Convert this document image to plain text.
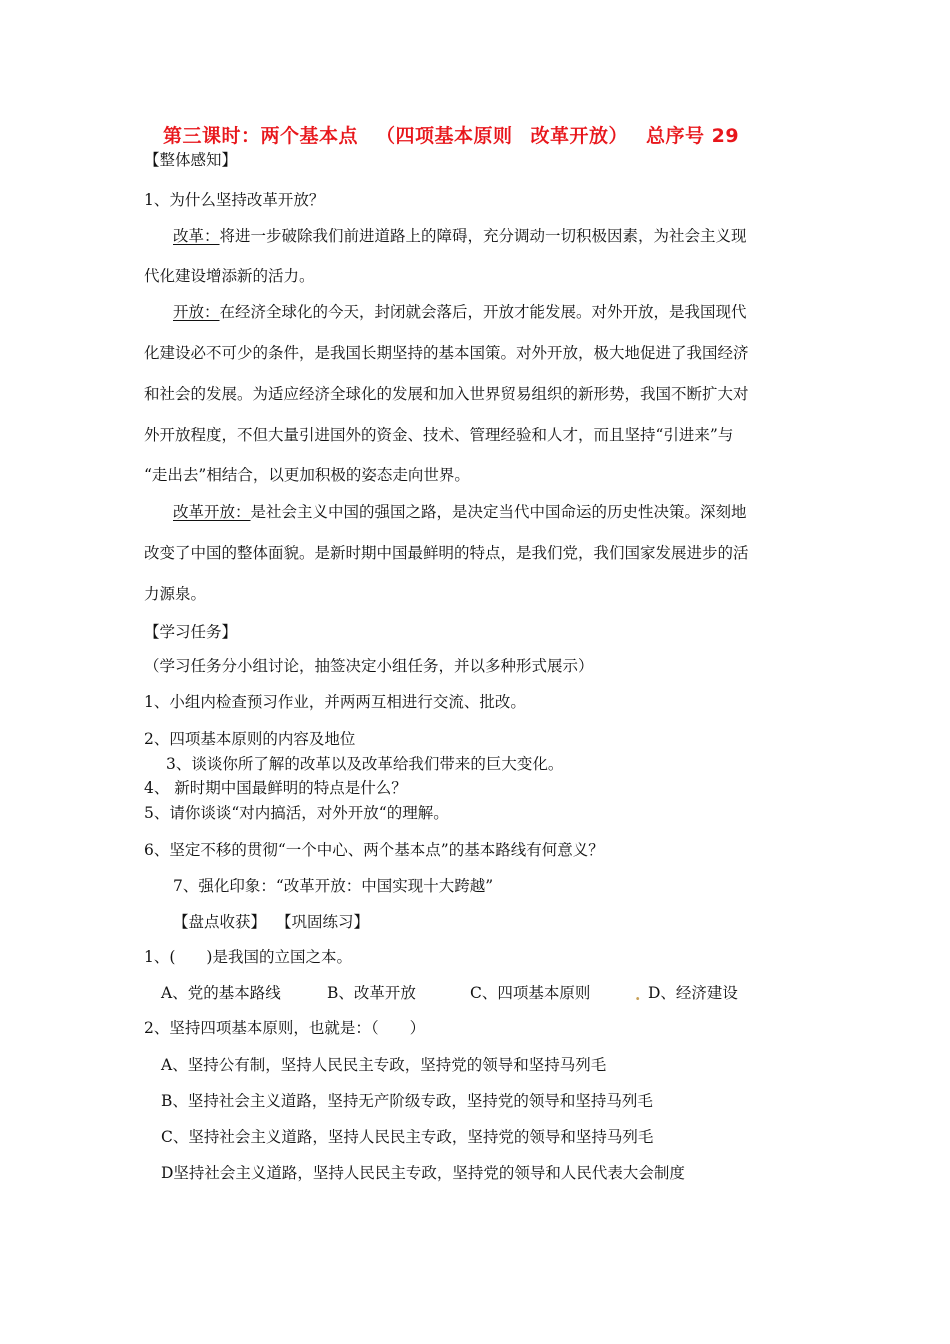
第三课时：两个基本点 （四项基本原则 改革开放） 总序号 29
【整体感知】
1、为什么坚持改革开放？
改革：将进一步破除我们前进道路上的障碍，充分调动一切积极因素，为社会主义现
代化建设增添新的活力。
开放：在经济全球化的今天，封闭就会落后，开放才能发展。对外开放，是我国现代
化建设必不可少的条件，是我国长期坚持的基本国策。对外开放，极大地促进了我国经济
和社会的发展。为适应经济全球化的发展和加入世界贸易组织的新形势，我国不断扩大对
外开放程度，不但大量引进国外的资金、技术、管理经验和人才，而且坚持“引进来”与
“走出去”相结合，以更加积极的姿态走向世界。
改革开放：是社会主义中国的强国之路，是决定当代中国命运的历史性决策。深刻地
改变了中国的整体面貌。是新时期中国最鲜明的特点，是我们党，我们国家发展进步的活
力源泉。
【学习任务】
（学习任务分小组讨论，抽签决定小组任务，并以多种形式展示）
1、小组内检查预习作业，并两两互相进行交流、批改。
2、四项基本原则的内容及地位
3、谈谈你所了解的改革以及改革给我们带来的巨大变化。
4、 新时期中国最鲜明的特点是什么？
5、请你谈谈“对内搞活，对外开放“的理解。
6、坚定不移的贯彻“一个中心、两个基本点”的基本路线有何意义？
7、强化印象：“改革开放：中国实现十大跨越”
【盘点收获】 【巩固练习】
1、(　　)是我国的立国之本。
A、党的基本路线	B、改革开放	C、四项基本原则	. D、经济建设
2、坚持四项基本原则，也就是：（　　）
A、坚持公有制，坚持人民民主专政，坚持党的领导和坚持马列毛
B、坚持社会主义道路，坚持无产阶级专政，坚持党的领导和坚持马列毛
C、坚持社会主义道路，坚持人民民主专政，坚持党的领导和坚持马列毛
D坚持社会主义道路，坚持人民民主专政，坚持党的领导和人民代表大会制度
